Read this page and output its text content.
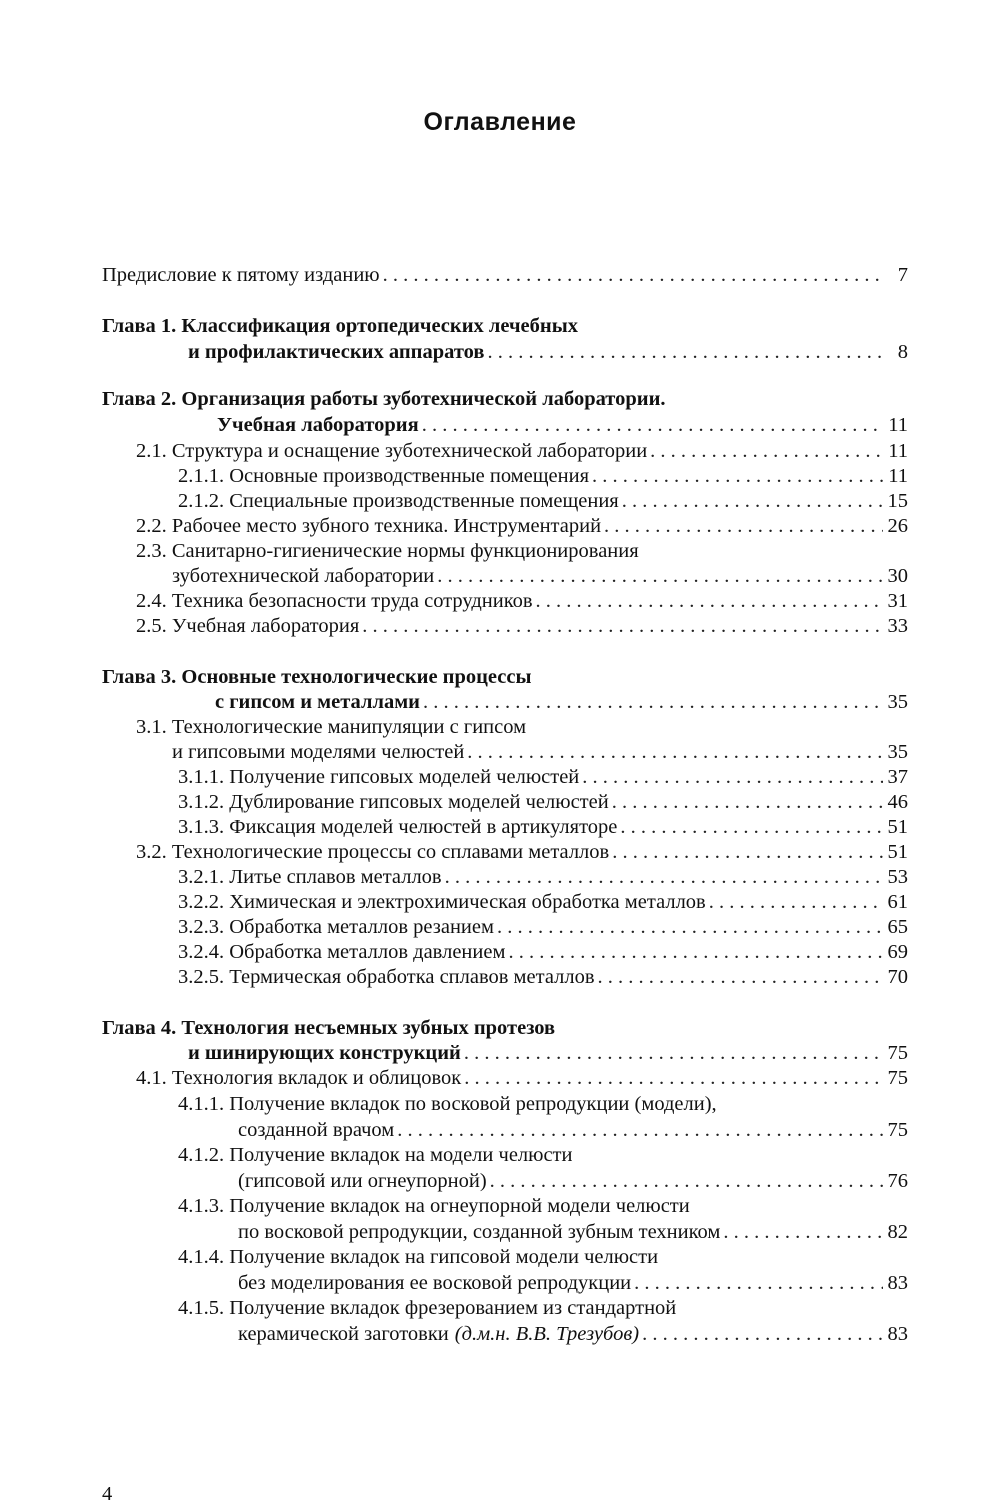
Оглавление
Предисловие к пятому изданию . . .	7
Глава 1. Классификация ортопедических лечебных
и профилактических аппаратов . . .	8
Глава 2. Организация работы зуботехнической лаборатории.
Учебная лаборатория . . .	11
2.1. Структура и оснащение зуботехнической лаборатории . . .	11
2.1.1. Основные производственные помещения . . .	11
2.1.2. Специальные производственные помещения . . .	15
2.2. Рабочее место зубного техника. Инструментарий . . .	26
2.3. Санитарно-гигиенические нормы функционирования
зуботехнической лаборатории . . .	30
2.4. Техника безопасности труда сотрудников . . .	31
2.5. Учебная лаборатория . . .	33
Глава 3. Основные технологические процессы
с гипсом и металлами . . .	35
3.1. Технологические манипуляции с гипсом
и гипсовыми моделями челюстей . . .	35
3.1.1. Получение гипсовых моделей челюстей . . .	37
3.1.2. Дублирование гипсовых моделей челюстей . . .	46
3.1.3. Фиксация моделей челюстей в артикуляторе . . .	51
3.2. Технологические процессы со сплавами металлов . . .	51
3.2.1. Литье сплавов металлов . . .	53
3.2.2. Химическая и электрохимическая обработка металлов . . .	61
3.2.3. Обработка металлов резанием . . .	65
3.2.4. Обработка металлов давлением . . .	69
3.2.5. Термическая обработка сплавов металлов . . .	70
Глава 4. Технология несъемных зубных протезов
и шинирующих конструкций . . .	75
4.1. Технология вкладок и облицовок . . .	75
4.1.1. Получение вкладок по восковой репродукции (модели),
созданной врачом . . .	75
4.1.2. Получение вкладок на модели челюсти
(гипсовой или огнеупорной) . . .	76
4.1.3. Получение вкладок на огнеупорной модели челюсти
по восковой репродукции, созданной зубным техником . . .	82
4.1.4. Получение вкладок на гипсовой модели челюсти
без моделирования ее восковой репродукции . . .	83
4.1.5. Получение вкладок фрезерованием из стандартной
керамической заготовки (д.м.н. В.В. Трезубов) . . .	83
4
